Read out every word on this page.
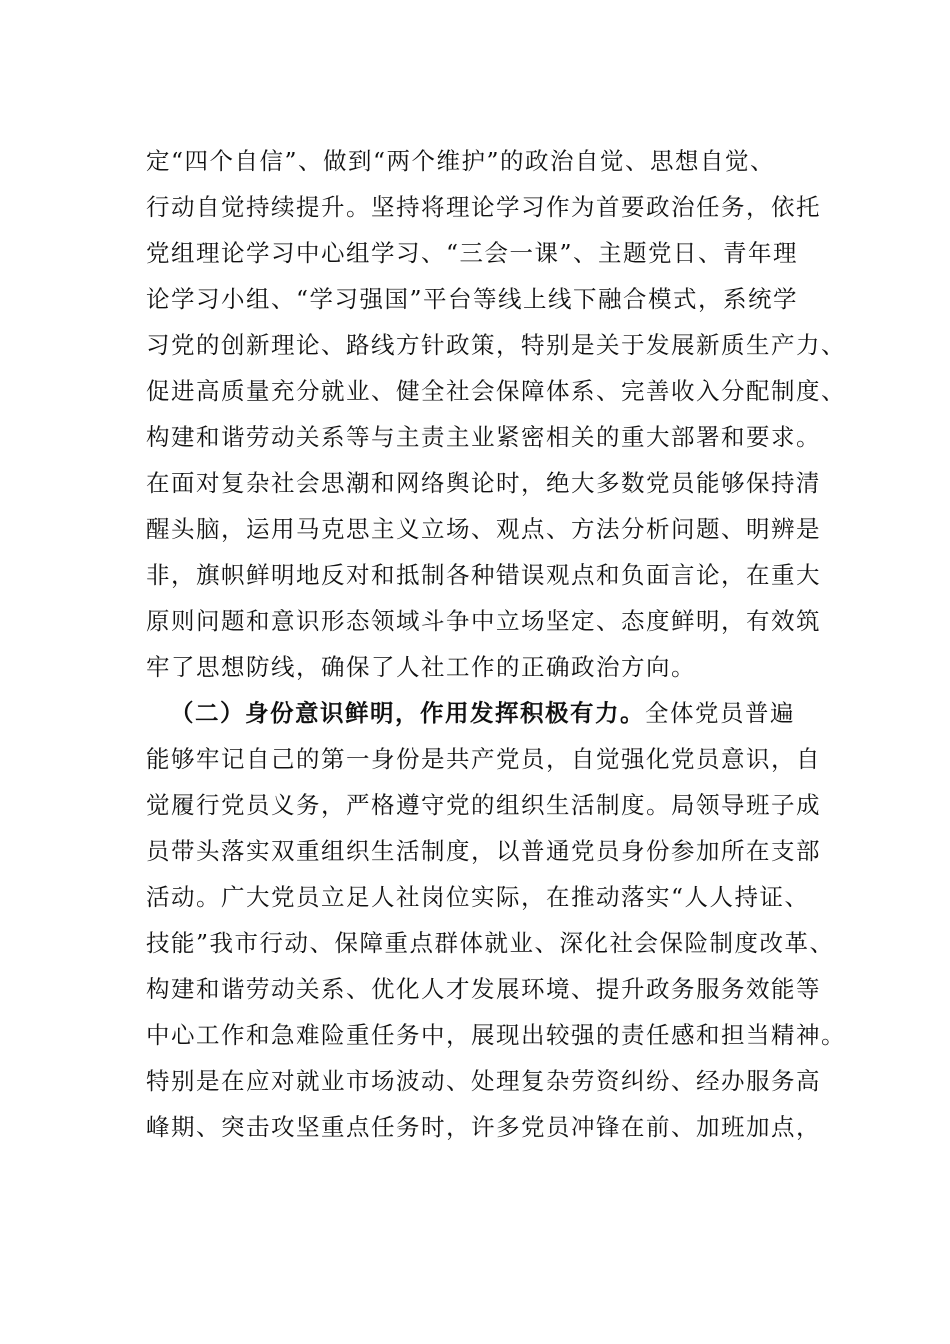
定“四个自信”、做到“两个维护”的政治自觉、思想自觉、
行动自觉持续提升。坚持将理论学习作为首要政治任务，依托
党组理论学习中心组学习、“三会一课”、主题党日、青年理
论学习小组、“学习强国”平台等线上线下融合模式，系统学
习党的创新理论、路线方针政策，特别是关于发展新质生产力、
促进高质量充分就业、健全社会保障体系、完善收入分配制度、
构建和谐劳动关系等与主责主业紧密相关的重大部署和要求。
在面对复杂社会思潮和网络舆论时，绝大多数党员能够保持清
醒头脑，运用马克思主义立场、观点、方法分析问题、明辨是
非，旗帜鲜明地反对和抵制各种错误观点和负面言论，在重大
原则问题和意识形态领域斗争中立场坚定、态度鲜明，有效筑
牢了思想防线，确保了人社工作的正确政治方向。
（二）身份意识鲜明，作用发挥积极有力。全体党员普遍
能够牢记自己的第一身份是共产党员，自觉强化党员意识，自
觉履行党员义务，严格遵守党的组织生活制度。局领导班子成
员带头落实双重组织生活制度，以普通党员身份参加所在支部
活动。广大党员立足人社岗位实际，在推动落实“人人持证、
技能”我市行动、保障重点群体就业、深化社会保险制度改革、
构建和谐劳动关系、优化人才发展环境、提升政务服务效能等
中心工作和急难险重任务中，展现出较强的责任感和担当精神。
特别是在应对就业市场波动、处理复杂劳资纠纷、经办服务高
峰期、突击攻坚重点任务时，许多党员冲锋在前、加班加点，
